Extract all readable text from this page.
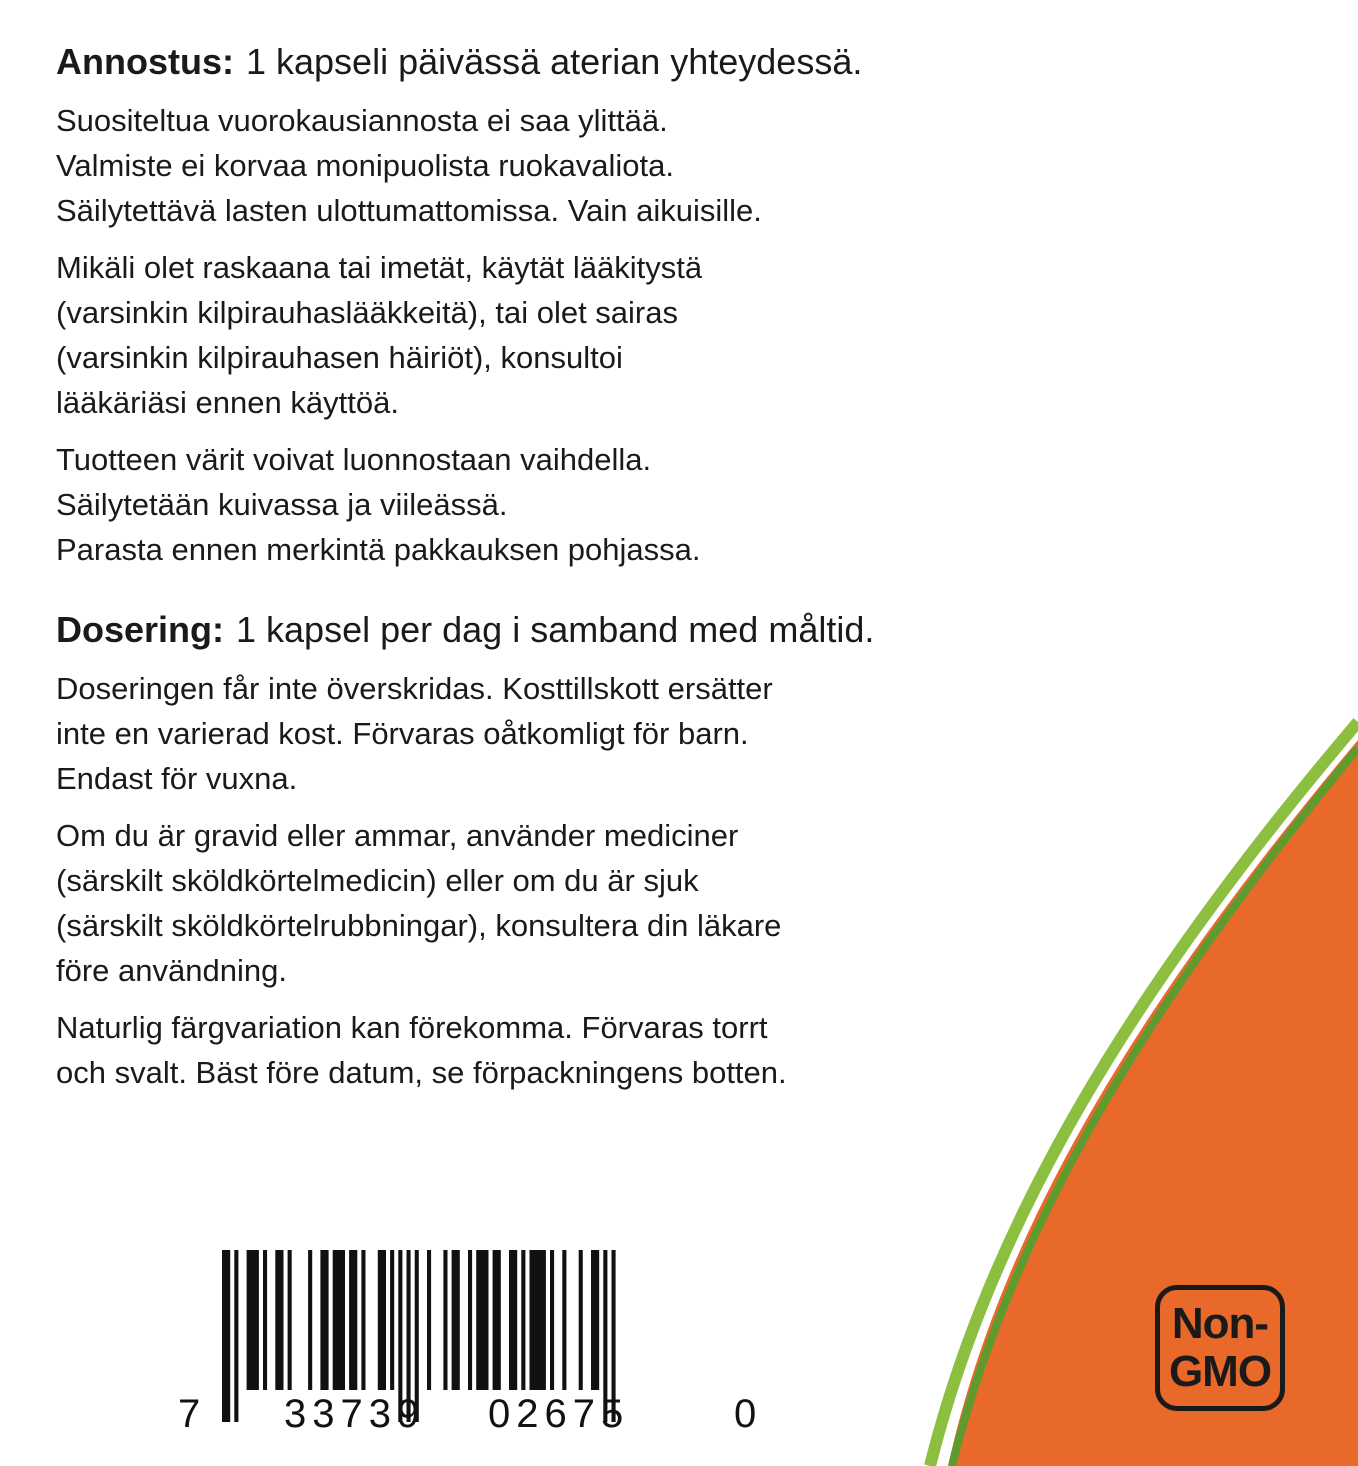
Annostus: 1 kapseli päivässä aterian yhteydessä.
Suositeltua vuorokausiannosta ei saa ylittää.
Valmiste ei korvaa monipuolista ruokavaliota.
Säilytettävä lasten ulottumattomissa. Vain aikuisille.
Mikäli olet raskaana tai imetät, käytät lääkitystä
(varsinkin kilpirauhaslääkkeitä), tai olet sairas
(varsinkin kilpirauhasen häiriöt), konsultoi
lääkäriäsi ennen käyttöä.
Tuotteen värit voivat luonnostaan vaihdella.
Säilytetään kuivassa ja viileässä.
Parasta ennen merkintä pakkauksen pohjassa.
Dosering: 1 kapsel per dag i samband med måltid.
Doseringen får inte överskridas. Kosttillskott ersätter
inte en varierad kost. Förvaras oåtkomligt för barn.
Endast för vuxna.
Om du är gravid eller ammar, använder mediciner
(särskilt sköldkörtelmedicin) eller om du är sjuk
(särskilt sköldkörtelrubbningar), konsultera din läkare
före användning.
Naturlig färgvariation kan förekomma. Förvaras torrt
och svalt. Bäst före datum, se förpackningens botten.
7 33739 02675	0
Non-
GMO
